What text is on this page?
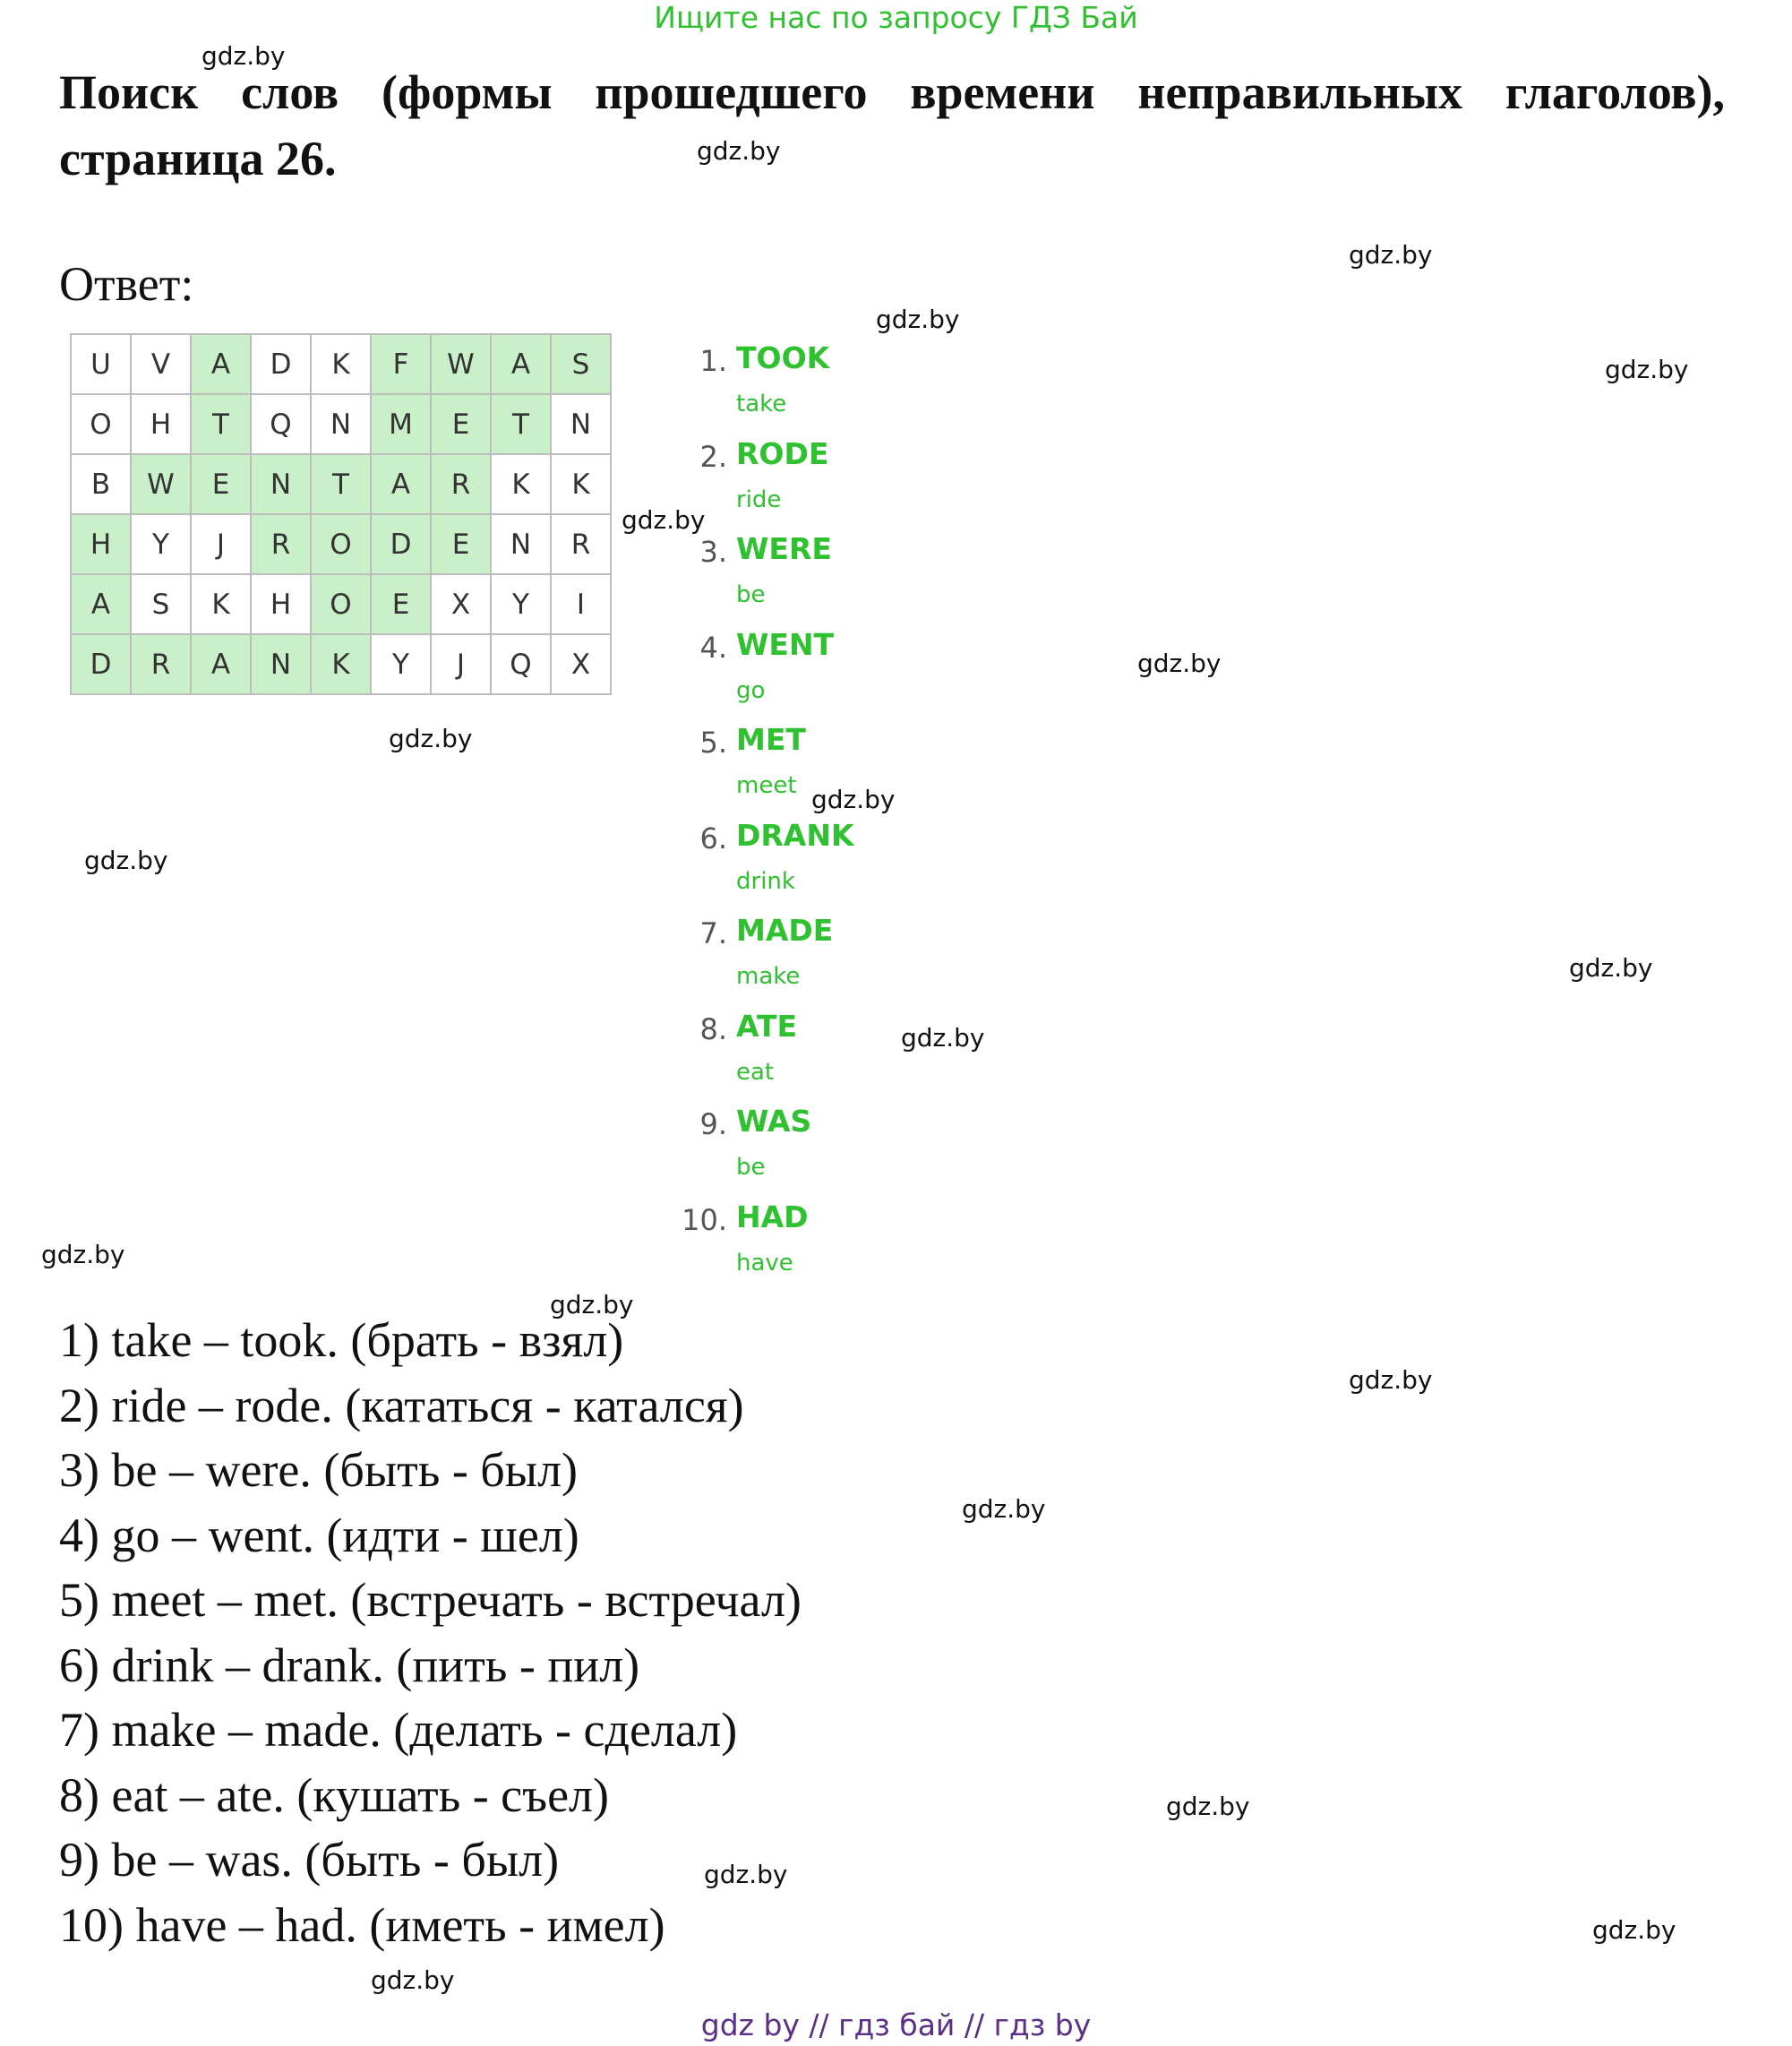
Ищите нас по запросу ГДЗ Бай
Поиск слов (формы прошедшего времени неправильных глаголов), страница 26.
Ответ:
U	V	A	D	K	F	W	A	S
O	H	T	Q	N	M	E	T	N
B	W	E	N	T	A	R	K	K
H	Y	J	R	O	D	E	N	R
A	S	K	H	O	E	X	Y	I
D	R	A	N	K	Y	J	Q	X
1. TOOK
take
2. RODE
ride
3. WERE
be
4. WENT
go
5. MET
meet
6. DRANK
drink
7. MADE
make
8. ATE
eat
9. WAS
be
10. HAD
have
1) take – took. (брать - взял)
2) ride – rode. (кататься - катался)
3) be – were. (быть - был)
4) go – went. (идти - шел)
5) meet – met. (встречать - встречал)
6) drink – drank. (пить - пил)
7) make – made. (делать - сделал)
8) eat – ate. (кушать - съел)
9) be – was. (быть - был)
10) have – had. (иметь - имел)
gdz.by
gdz.by
gdz.by
gdz.by
gdz.by
gdz.by
gdz.by
gdz.by
gdz.by
gdz.by
gdz.by
gdz.by
gdz.by
gdz.by
gdz.by
gdz.by
gdz.by
gdz.by
gdz.by
gdz.by
gdz by // гдз бай // гдз by
